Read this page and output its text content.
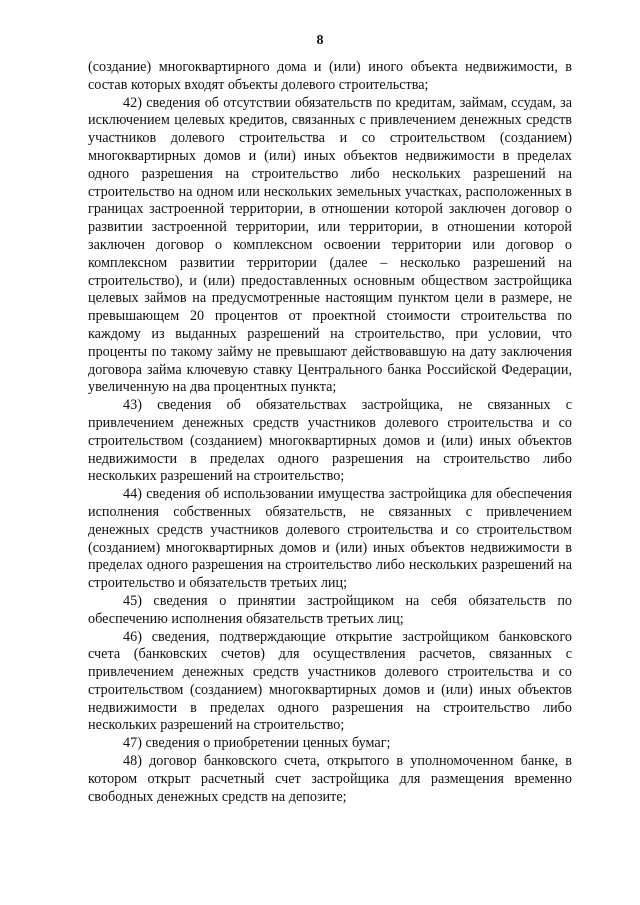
8

(создание) многоквартирного дома и (или) иного объекта недвижимости, в состав которых входят объекты долевого строительства;

42) сведения об отсутствии обязательств по кредитам, займам, ссудам, за исключением целевых кредитов, связанных с привлечением денежных средств участников долевого строительства и со строительством (созданием) многоквартирных домов и (или) иных объектов недвижимости в пределах одного разрешения на строительство либо нескольких разрешений на строительство на одном или нескольких земельных участках, расположенных в границах застроенной территории, в отношении которой заключен договор о развитии застроенной территории, или территории, в отношении которой заключен договор о комплексном освоении территории или договор о комплексном развитии территории (далее – несколько разрешений на строительство), и (или) предоставленных основным обществом застройщика целевых займов на предусмотренные настоящим пунктом цели в размере, не превышающем 20 процентов от проектной стоимости строительства по каждому из выданных разрешений на строительство, при условии, что проценты по такому займу не превышают действовавшую на дату заключения договора займа ключевую ставку Центрального банка Российской Федерации, увеличенную на два процентных пункта;

43) сведения об обязательствах застройщика, не связанных с привлечением денежных средств участников долевого строительства и со строительством (созданием) многоквартирных домов и (или) иных объектов недвижимости в пределах одного разрешения на строительство либо нескольких разрешений на строительство;

44) сведения об использовании имущества застройщика для обеспечения исполнения собственных обязательств, не связанных с привлечением денежных средств участников долевого строительства и со строительством (созданием) многоквартирных домов и (или) иных объектов недвижимости в пределах одного разрешения на строительство либо нескольких разрешений на строительство и обязательств третьих лиц;

45) сведения о принятии застройщиком на себя обязательств по обеспечению исполнения обязательств третьих лиц;

46) сведения, подтверждающие открытие застройщиком банковского счета (банковских счетов) для осуществления расчетов, связанных с привлечением денежных средств участников долевого строительства и со строительством (созданием) многоквартирных домов и (или) иных объектов недвижимости в пределах одного разрешения на строительство либо нескольких разрешений на строительство;

47) сведения о приобретении ценных бумаг;

48) договор банковского счета, открытого в уполномоченном банке, в котором открыт расчетный счет застройщика для размещения временно свободных денежных средств на депозите;
